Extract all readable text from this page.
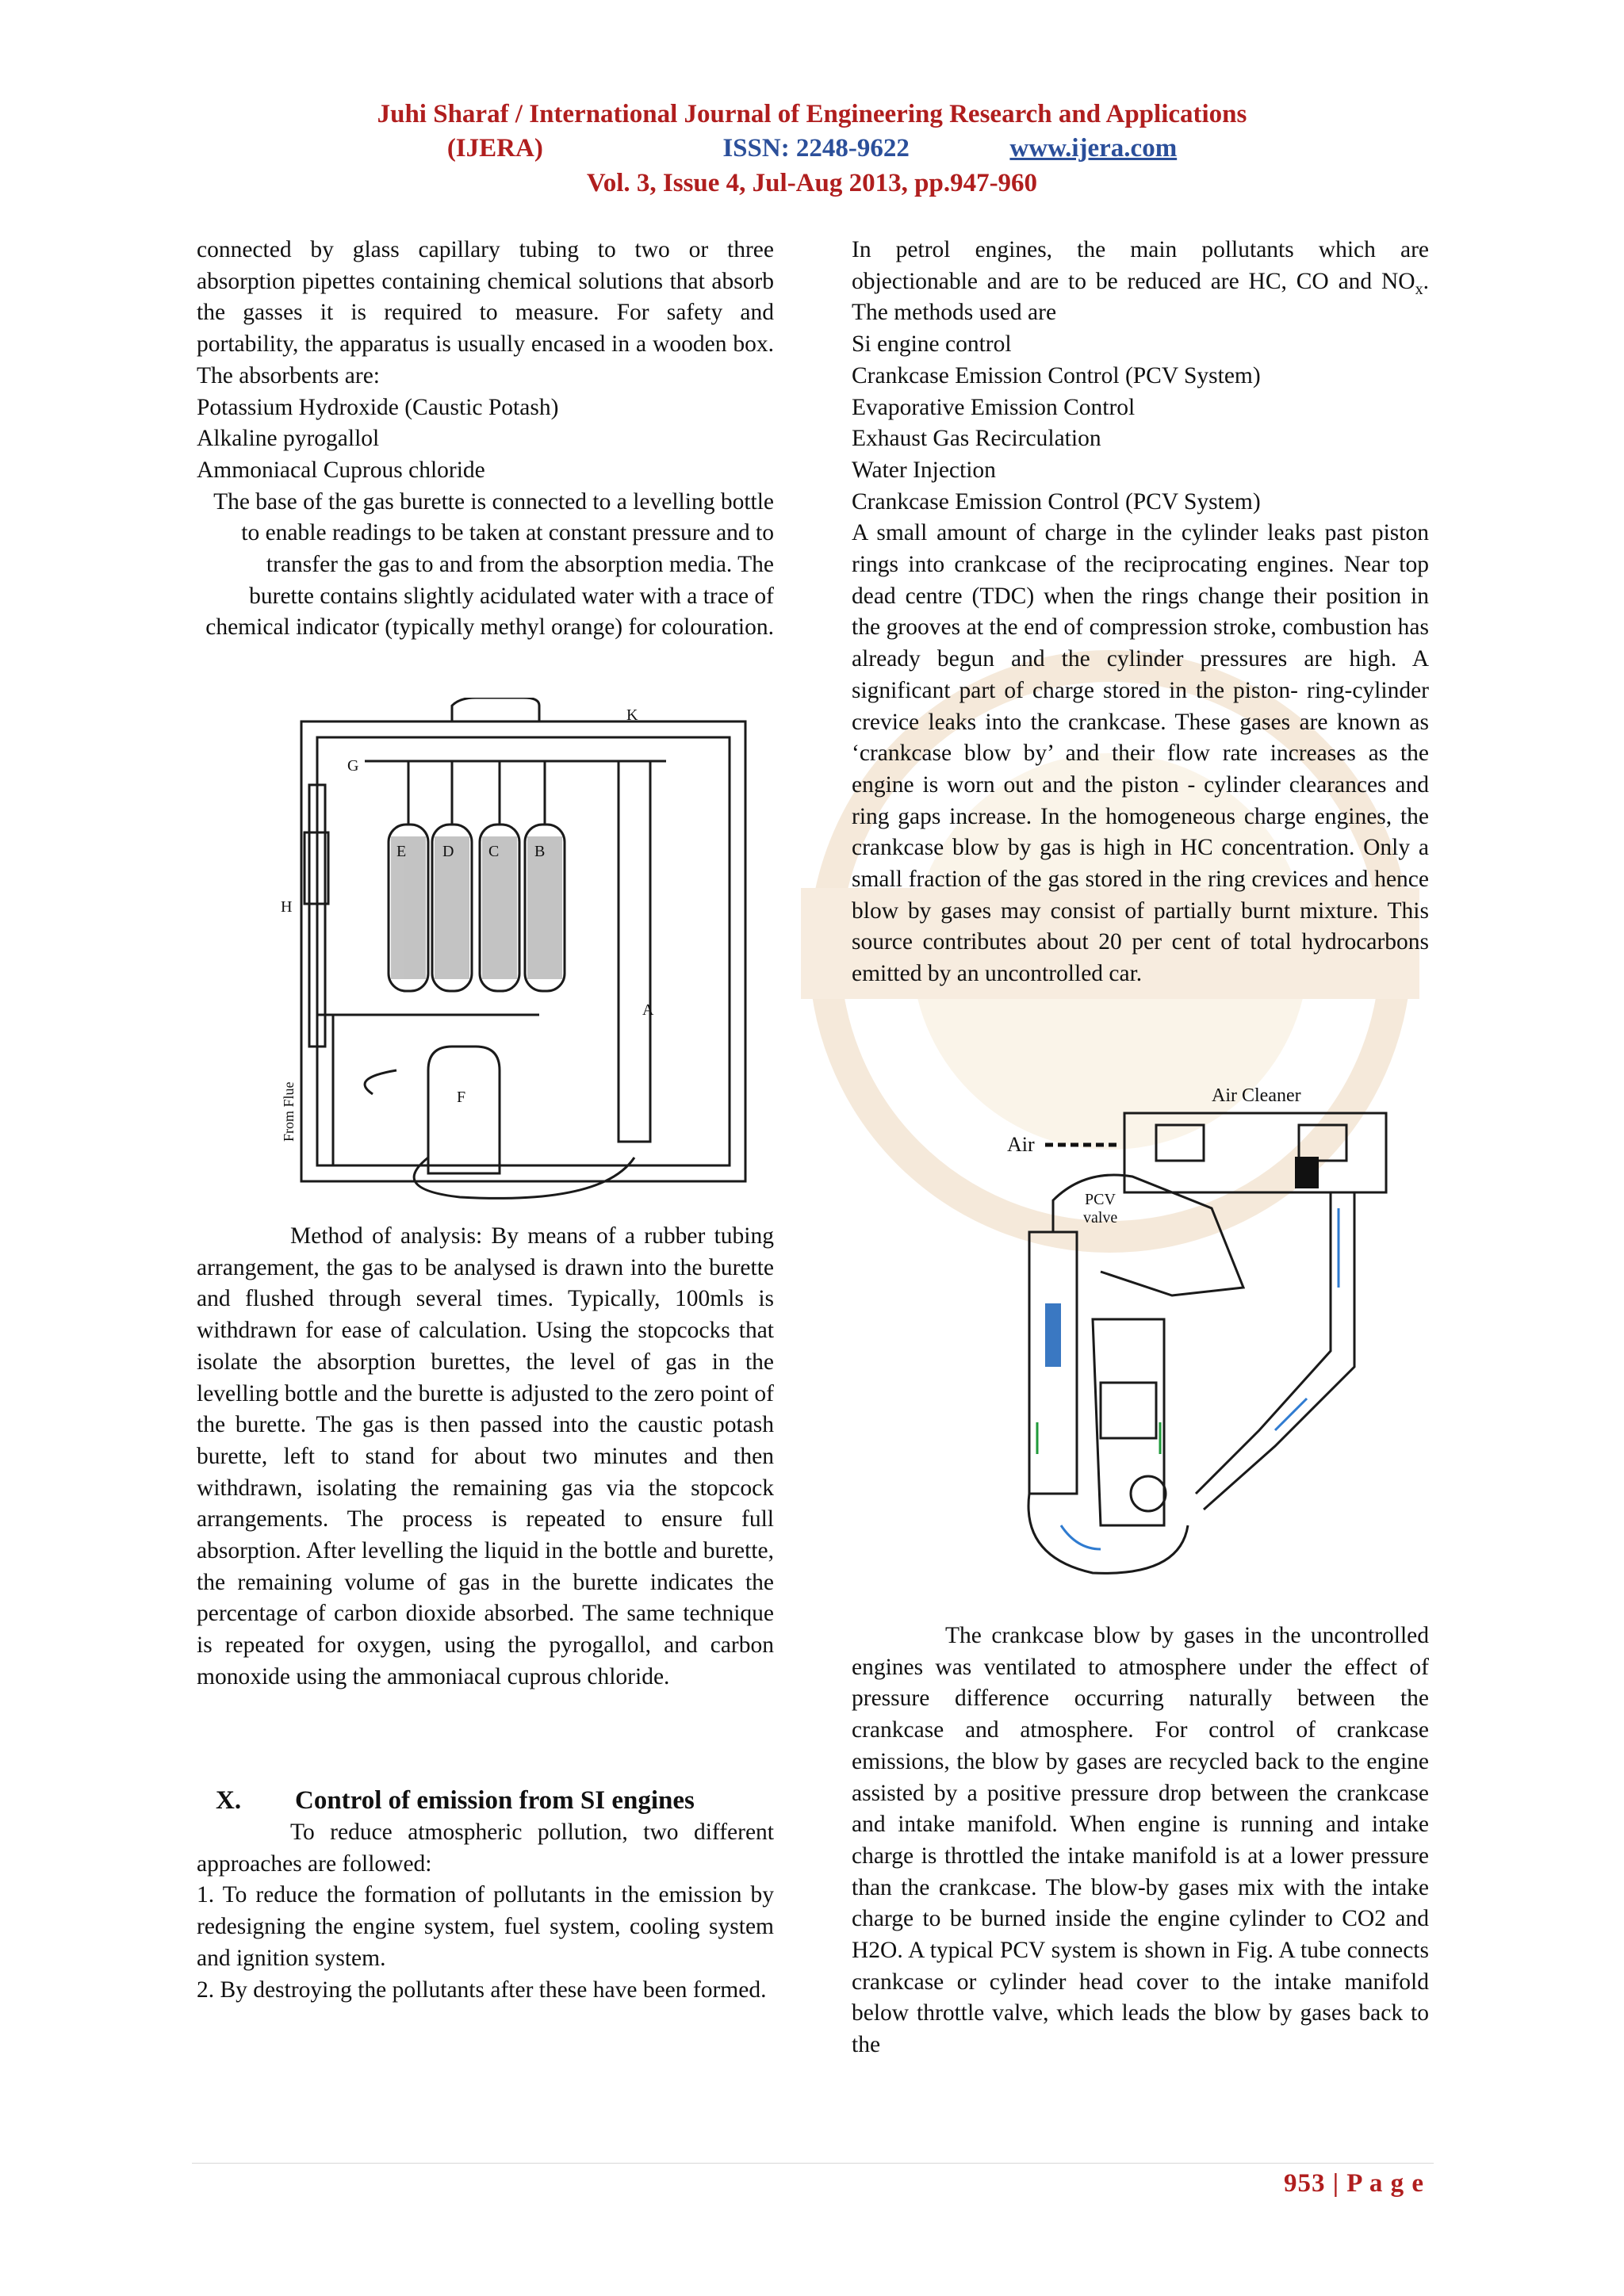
Juhi Sharaf / International Journal of Engineering Research and Applications
(IJERA)	ISSN: 2248-9622	www.ijera.com
Vol. 3, Issue 4, Jul-Aug 2013, pp.947-960

connected by glass capillary tubing to two or three absorption pipettes containing chemical solutions that absorb the gasses it is required to measure. For safety and portability, the apparatus is usually encased in a wooden box. The absorbents are:

Potassium Hydroxide (Caustic Potash)

Alkaline pyrogallol

Ammoniacal Cuprous chloride

The base of the gas burette is connected to a levelling bottle to enable readings to be taken at constant pressure and to transfer the gas to and from the absorption media. The burette contains slightly acidulated water with a trace of chemical indicator (typically methyl orange) for colouration.

K
G
E D C B
H
A
F
From Flue

Method of analysis: By means of a rubber tubing arrangement, the gas to be analysed is drawn into the burette and flushed through several times. Typically, 100mls is withdrawn for ease of calculation. Using the stopcocks that isolate the absorption burettes, the level of gas in the levelling bottle and the burette is adjusted to the zero point of the burette. The gas is then passed into the caustic potash burette, left to stand for about two minutes and then withdrawn, isolating the remaining gas via the stopcock arrangements. The process is repeated to ensure full absorption. After levelling the liquid in the bottle and burette, the remaining volume of gas in the burette indicates the percentage of carbon dioxide absorbed. The same technique is repeated for oxygen, using the pyrogallol, and carbon monoxide using the ammoniacal cuprous chloride.

X. Control of emission from SI engines

To reduce atmospheric pollution, two different approaches are followed:

1. To reduce the formation of pollutants in the emission by redesigning the engine system, fuel system, cooling system and ignition system.

2. By destroying the pollutants after these have been formed.

In petrol engines, the main pollutants which are objectionable and are to be reduced are HC, CO and $NO_x$. The methods used are

Si engine control

Crankcase Emission Control (PCV System)

Evaporative Emission Control

Exhaust Gas Recirculation

Water Injection

Crankcase Emission Control (PCV System)

A small amount of charge in the cylinder leaks past piston rings into crankcase of the reciprocating engines. Near top dead centre (TDC) when the rings change their position in the grooves at the end of compression stroke, combustion has already begun and the cylinder pressures are high. A significant part of charge stored in the piston- ring-cylinder crevice leaks into the crankcase. These gases are known as ‘crankcase blow by’ and their flow rate increases as the engine is worn out and the piston - cylinder clearances and ring gaps increase. In the homogeneous charge engines, the crankcase blow by gas is high in HC concentration. Only a small fraction of the gas stored in the ring crevices and hence blow by gases may consist of partially burnt mixture. This source contributes about 20 per cent of total hydrocarbons emitted by an uncontrolled car.

Air Cleaner
Air
PCV
valve

The crankcase blow by gases in the uncontrolled engines was ventilated to atmosphere under the effect of pressure difference occurring naturally between the crankcase and atmosphere. For control of crankcase emissions, the blow by gases are recycled back to the engine assisted by a positive pressure drop between the crankcase and intake manifold. When engine is running and intake charge is throttled the intake manifold is at a lower pressure than the crankcase. The blow-by gases mix with the intake charge to be burned inside the engine cylinder to CO2 and H2O. A typical PCV system is shown in Fig. A tube connects crankcase or cylinder head cover to the intake manifold below throttle valve, which leads the blow by gases back to the

953 | P a g e
